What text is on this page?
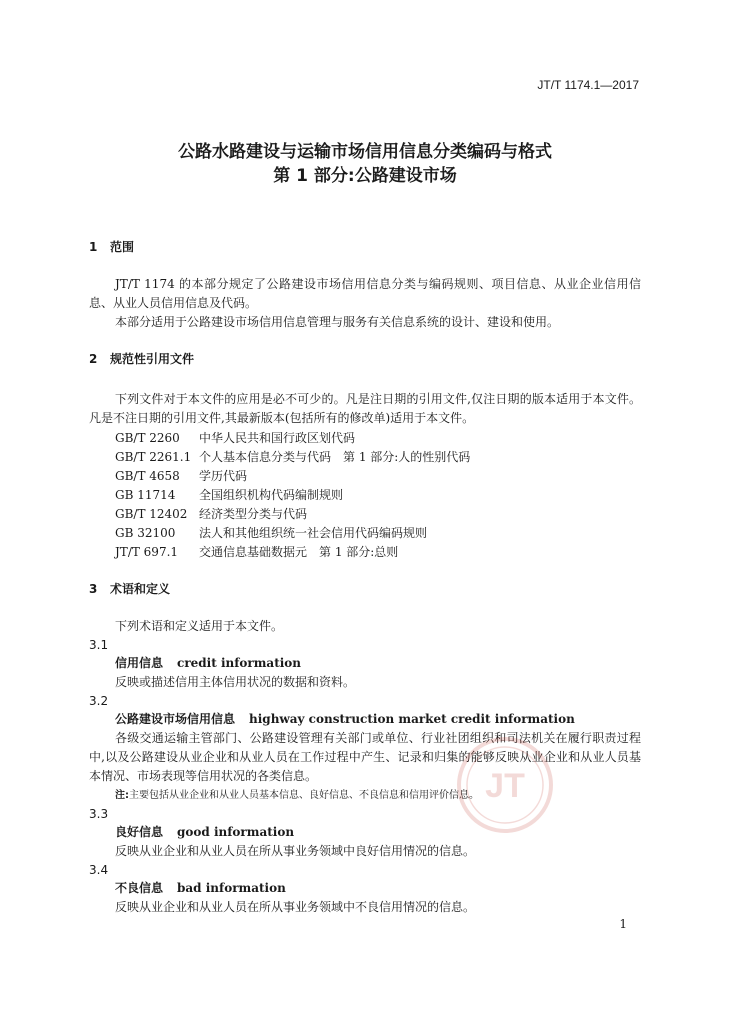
JT/T 1174.1—2017
公路水路建设与运输市场信用信息分类编码与格式
第 1 部分:公路建设市场
1 范围

JT/T 1174 的本部分规定了公路建设市场信用信息分类与编码规则、项目信息、从业企业信用信息、从业人员信用信息及代码。

本部分适用于公路建设市场信用信息管理与服务有关信息系统的设计、建设和使用。

2 规范性引用文件

下列文件对于本文件的应用是必不可少的。凡是注日期的引用文件,仅注日期的版本适用于本文件。凡是不注日期的引用文件,其最新版本(包括所有的修改单)适用于本文件。

GB/T 2260 中华人民共和国行政区划代码
GB/T 2261.1 个人基本信息分类与代码　第 1 部分:人的性别代码
GB/T 4658 学历代码
GB 11714 全国组织机构代码编制规则
GB/T 12402 经济类型分类与代码
GB 32100 法人和其他组织统一社会信用代码编码规则
JT/T 697.1 交通信息基础数据元　第 1 部分:总则
3 术语和定义

下列术语和定义适用于本文件。

3.1
信用信息 credit information

反映或描述信用主体信用状况的数据和资料。

3.2
公路建设市场信用信息 highway construction market credit information

各级交通运输主管部门、公路建设管理有关部门或单位、行业社团组织和司法机关在履行职责过程中,以及公路建设从业企业和从业人员在工作过程中产生、记录和归集的能够反映从业企业和从业人员基本情况、市场表现等信用状况的各类信息。

注:主要包括从业企业和从业人员基本信息、良好信息、不良信息和信用评价信息。
3.3
良好信息 good information

反映从业企业和从业人员在所从事业务领域中良好信用情况的信息。

3.4
不良信息 bad information

反映从业企业和从业人员在所从事业务领域中不良信用情况的信息。

1
JT
